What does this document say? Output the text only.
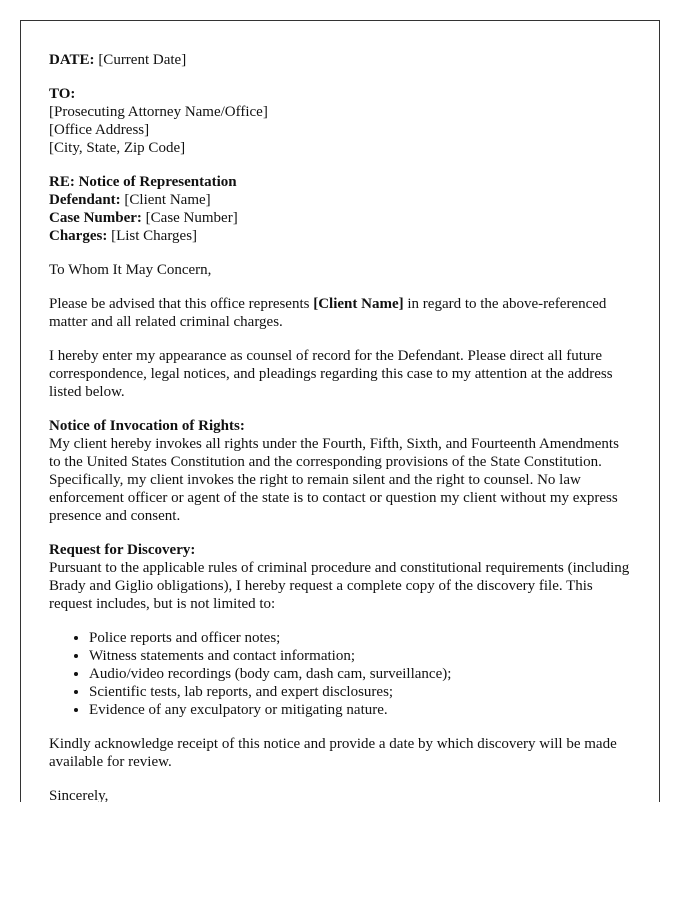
DATE: [Current Date]

TO:
[Prosecuting Attorney Name/Office]
[Office Address]
[City, State, Zip Code]

RE: Notice of Representation
Defendant: [Client Name]
Case Number: [Case Number]
Charges: [List Charges]

To Whom It May Concern,

Please be advised that this office represents [Client Name] in regard to the above-referenced matter and all related criminal charges.

I hereby enter my appearance as counsel of record for the Defendant. Please direct all future correspondence, legal notices, and pleadings regarding this case to my attention at the address listed below.

Notice of Invocation of Rights:
My client hereby invokes all rights under the Fourth, Fifth, Sixth, and Fourteenth Amendments to the United States Constitution and the corresponding provisions of the State Constitution. Specifically, my client invokes the right to remain silent and the right to counsel. No law enforcement officer or agent of the state is to contact or question my client without my express presence and consent.

Request for Discovery:
Pursuant to the applicable rules of criminal procedure and constitutional requirements (including Brady and Giglio obligations), I hereby request a complete copy of the discovery file. This request includes, but is not limited to:

• Police reports and officer notes;
• Witness statements and contact information;
• Audio/video recordings (body cam, dash cam, surveillance);
• Scientific tests, lab reports, and expert disclosures;
• Evidence of any exculpatory or mitigating nature.

Kindly acknowledge receipt of this notice and provide a date by which discovery will be made available for review.

Sincerely,
